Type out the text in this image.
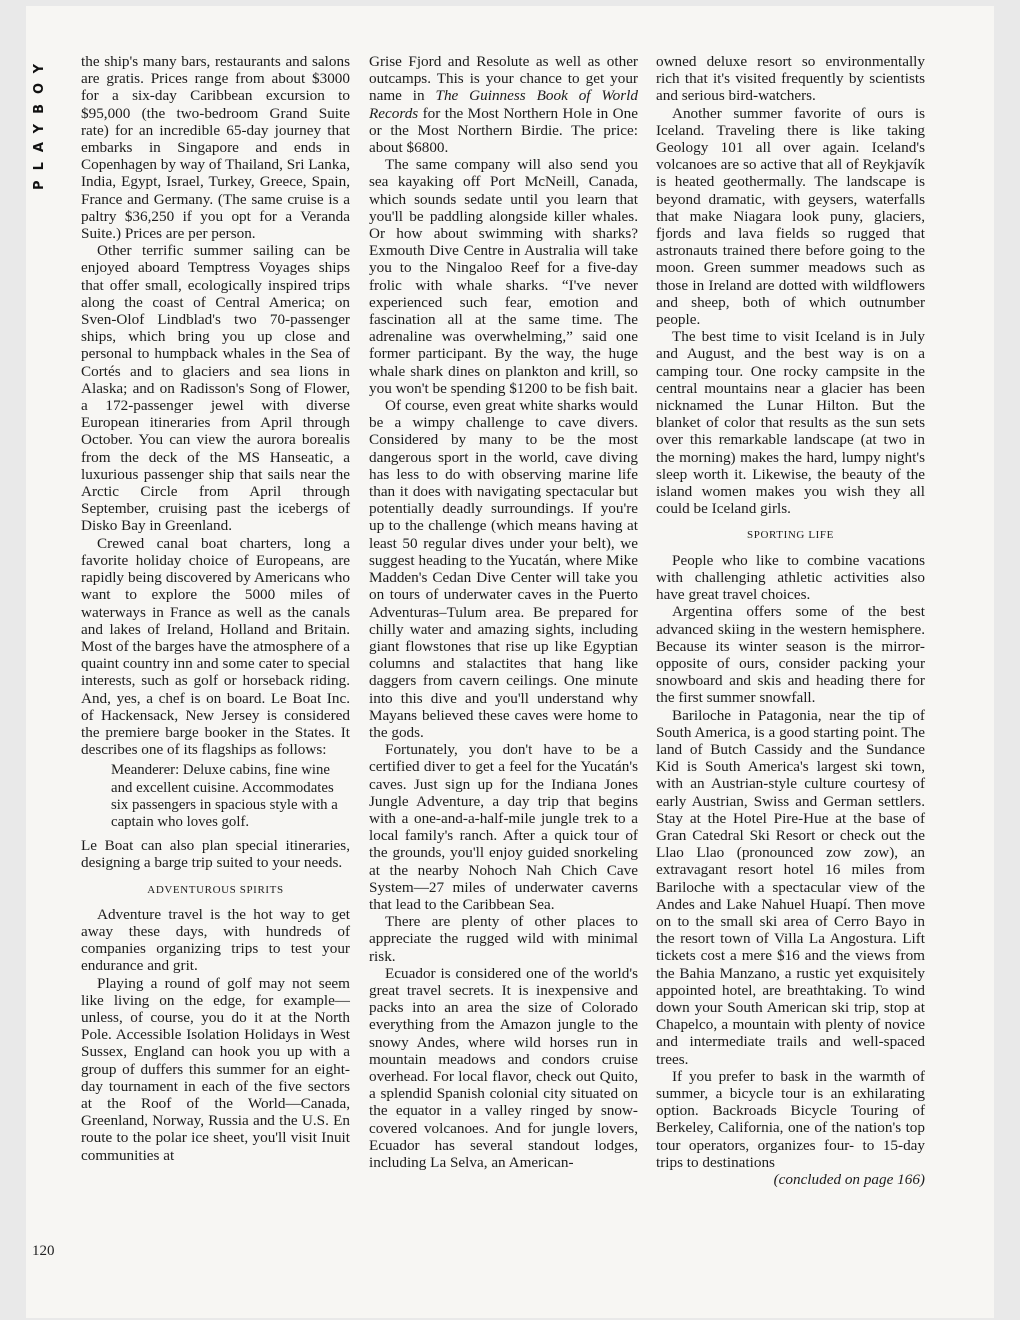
PLAYBOY
120

the ship's many bars, restaurants and salons are gratis. Prices range from about $3000 for a six-day Caribbean excursion to $95,000 (the two-bedroom Grand Suite rate) for an incredible 65-day journey that embarks in Singapore and ends in Copenhagen by way of Thailand, Sri Lanka, India, Egypt, Israel, Turkey, Greece, Spain, France and Germany. (The same cruise is a paltry $36,250 if you opt for a Veranda Suite.) Prices are per person.

Other terrific summer sailing can be enjoyed aboard Temptress Voyages ships that offer small, ecologically inspired trips along the coast of Central America; on Sven-Olof Lindblad's two 70-passenger ships, which bring you up close and personal to humpback whales in the Sea of Cortés and to glaciers and sea lions in Alaska; and on Radisson's Song of Flower, a 172-passenger jewel with diverse European itineraries from April through October. You can view the aurora borealis from the deck of the MS Hanseatic, a luxurious passenger ship that sails near the Arctic Circle from April through September, cruising past the icebergs of Disko Bay in Greenland.

Crewed canal boat charters, long a favorite holiday choice of Europeans, are rapidly being discovered by Americans who want to explore the 5000 miles of waterways in France as well as the canals and lakes of Ireland, Holland and Britain. Most of the barges have the atmosphere of a quaint country inn and some cater to special interests, such as golf or horseback riding. And, yes, a chef is on board. Le Boat Inc. of Hackensack, New Jersey is considered the premiere barge booker in the States. It describes one of its flagships as follows:

Meanderer: Deluxe cabins, fine wine and excellent cuisine. Accommodates six passengers in spacious style with a captain who loves golf.

Le Boat can also plan special itineraries, designing a barge trip suited to your needs.

ADVENTUROUS SPIRITS

Adventure travel is the hot way to get away these days, with hundreds of companies organizing trips to test your endurance and grit.

Playing a round of golf may not seem like living on the edge, for example—unless, of course, you do it at the North Pole. Accessible Isolation Holidays in West Sussex, England can hook you up with a group of duffers this summer for an eight-day tournament in each of the five sectors at the Roof of the World—Canada, Greenland, Norway, Russia and the U.S. En route to the polar ice sheet, you'll visit Inuit communities at

Grise Fjord and Resolute as well as other outcamps. This is your chance to get your name in The Guinness Book of World Records for the Most Northern Hole in One or the Most Northern Birdie. The price: about $6800.

The same company will also send you sea kayaking off Port McNeill, Canada, which sounds sedate until you learn that you'll be paddling alongside killer whales. Or how about swimming with sharks? Exmouth Dive Centre in Australia will take you to the Ningaloo Reef for a five-day frolic with whale sharks. “I've never experienced such fear, emotion and fascination all at the same time. The adrenaline was overwhelming,” said one former participant. By the way, the huge whale shark dines on plankton and krill, so you won't be spending $1200 to be fish bait.

Of course, even great white sharks would be a wimpy challenge to cave divers. Considered by many to be the most dangerous sport in the world, cave diving has less to do with observing marine life than it does with navigating spectacular but potentially deadly surroundings. If you're up to the challenge (which means having at least 50 regular dives under your belt), we suggest heading to the Yucatán, where Mike Madden's Cedan Dive Center will take you on tours of underwater caves in the Puerto Adventuras–Tulum area. Be prepared for chilly water and amazing sights, including giant flowstones that rise up like Egyptian columns and stalactites that hang like daggers from cavern ceilings. One minute into this dive and you'll understand why Mayans believed these caves were home to the gods.

Fortunately, you don't have to be a certified diver to get a feel for the Yucatán's caves. Just sign up for the Indiana Jones Jungle Adventure, a day trip that begins with a one-and-a-half-mile jungle trek to a local family's ranch. After a quick tour of the grounds, you'll enjoy guided snorkeling at the nearby Nohoch Nah Chich Cave System—27 miles of underwater caverns that lead to the Caribbean Sea.

There are plenty of other places to appreciate the rugged wild with minimal risk.

Ecuador is considered one of the world's great travel secrets. It is inexpensive and packs into an area the size of Colorado everything from the Amazon jungle to the snowy Andes, where wild horses run in mountain meadows and condors cruise overhead. For local flavor, check out Quito, a splendid Spanish colonial city situated on the equator in a valley ringed by snow-covered volcanoes. And for jungle lovers, Ecuador has several standout lodges, including La Selva, an American-

owned deluxe resort so environmentally rich that it's visited frequently by scientists and serious bird-watchers.

Another summer favorite of ours is Iceland. Traveling there is like taking Geology 101 all over again. Iceland's volcanoes are so active that all of Reykjavík is heated geothermally. The landscape is beyond dramatic, with geysers, waterfalls that make Niagara look puny, glaciers, fjords and lava fields so rugged that astronauts trained there before going to the moon. Green summer meadows such as those in Ireland are dotted with wildflowers and sheep, both of which outnumber people.

The best time to visit Iceland is in July and August, and the best way is on a camping tour. One rocky campsite in the central mountains near a glacier has been nicknamed the Lunar Hilton. But the blanket of color that results as the sun sets over this remarkable landscape (at two in the morning) makes the hard, lumpy night's sleep worth it. Likewise, the beauty of the island women makes you wish they all could be Iceland girls.

SPORTING LIFE

People who like to combine vacations with challenging athletic activities also have great travel choices.

Argentina offers some of the best advanced skiing in the western hemisphere. Because its winter season is the mirror-opposite of ours, consider packing your snowboard and skis and heading there for the first summer snowfall.

Bariloche in Patagonia, near the tip of South America, is a good starting point. The land of Butch Cassidy and the Sundance Kid is South America's largest ski town, with an Austrian-style culture courtesy of early Austrian, Swiss and German settlers. Stay at the Hotel Pire-Hue at the base of Gran Catedral Ski Resort or check out the Llao Llao (pronounced zow zow), an extravagant resort hotel 16 miles from Bariloche with a spectacular view of the Andes and Lake Nahuel Huapí. Then move on to the small ski area of Cerro Bayo in the resort town of Villa La Angostura. Lift tickets cost a mere $16 and the views from the Bahia Manzano, a rustic yet exquisitely appointed hotel, are breathtaking. To wind down your South American ski trip, stop at Chapelco, a mountain with plenty of novice and intermediate trails and well-spaced trees.

If you prefer to bask in the warmth of summer, a bicycle tour is an exhilarating option. Backroads Bicycle Touring of Berkeley, California, one of the nation's top tour operators, organizes four- to 15-day trips to destinations

(concluded on page 166)
